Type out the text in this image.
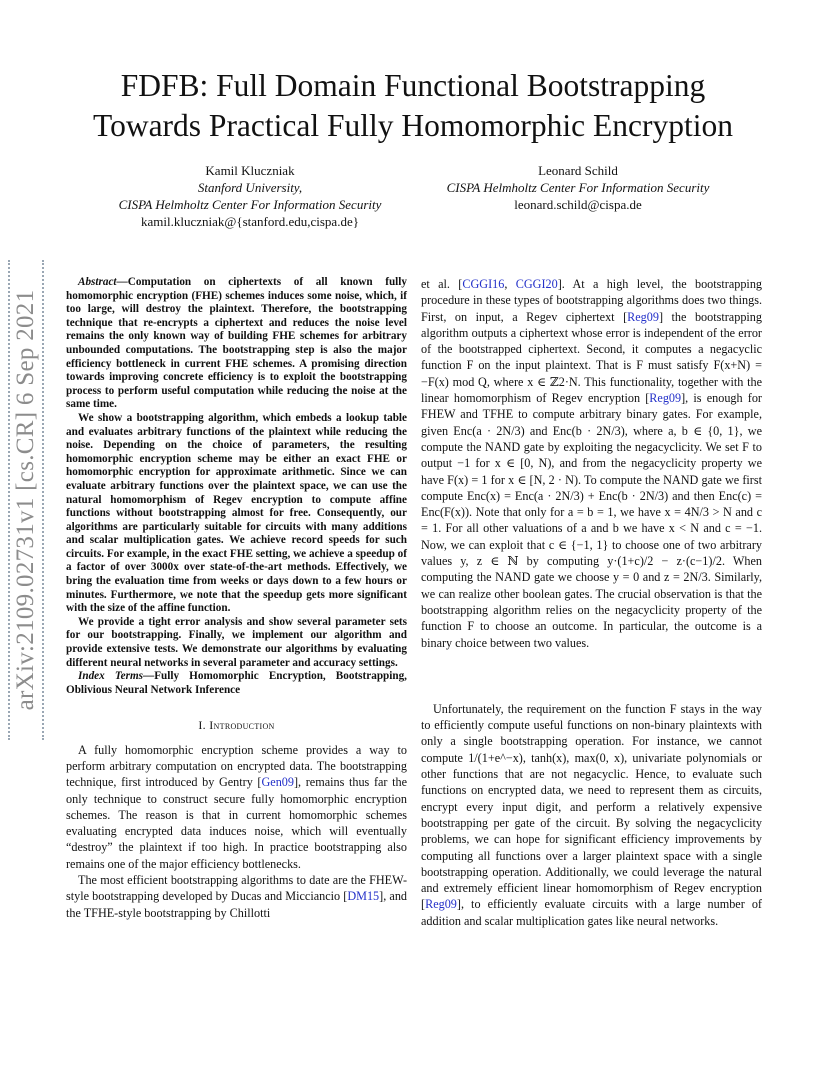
arXiv:2109.02731v1 [cs.CR] 6 Sep 2021
FDFB: Full Domain Functional Bootstrapping
Towards Practical Fully Homomorphic Encryption
Kamil Kluczniak
Stanford University,
CISPA Helmholtz Center For Information Security
kamil.kluczniak@{stanford.edu,cispa.de}
Leonard Schild
CISPA Helmholtz Center For Information Security
leonard.schild@cispa.de

Abstract—Computation on ciphertexts of all known fully homomorphic encryption (FHE) schemes induces some noise, which, if too large, will destroy the plaintext. Therefore, the bootstrapping technique that re-encrypts a ciphertext and reduces the noise level remains the only known way of building FHE schemes for arbitrary unbounded computations. The bootstrapping step is also the major efficiency bottleneck in current FHE schemes. A promising direction towards improving concrete efficiency is to exploit the bootstrapping process to perform useful computation while reducing the noise at the same time.

We show a bootstrapping algorithm, which embeds a lookup table and evaluates arbitrary functions of the plaintext while reducing the noise. Depending on the choice of parameters, the resulting homomorphic encryption scheme may be either an exact FHE or homomorphic encryption for approximate arithmetic. Since we can evaluate arbitrary functions over the plaintext space, we can use the natural homomorphism of Regev encryption to compute affine functions without bootstrapping almost for free. Consequently, our algorithms are particularly suitable for circuits with many additions and scalar multiplication gates. We achieve record speeds for such circuits. For example, in the exact FHE setting, we achieve a speedup of a factor of over 3000x over state-of-the-art methods. Effectively, we bring the evaluation time from weeks or days down to a few hours or minutes. Furthermore, we note that the speedup gets more significant with the size of the affine function.

We provide a tight error analysis and show several parameter sets for our bootstrapping. Finally, we implement our algorithm and provide extensive tests. We demonstrate our algorithms by evaluating different neural networks in several parameter and accuracy settings.

Index Terms—Fully Homomorphic Encryption, Bootstrapping, Oblivious Neural Network Inference

I. Introduction

A fully homomorphic encryption scheme provides a way to perform arbitrary computation on encrypted data. The bootstrapping technique, first introduced by Gentry [Gen09], remains thus far the only technique to construct secure fully homomorphic encryption schemes. The reason is that in current homomorphic schemes evaluating encrypted data induces noise, which will eventually “destroy” the plaintext if too high. In practice bootstrapping also remains one of the major efficiency bottlenecks.

The most efficient bootstrapping algorithms to date are the FHEW-style bootstrapping developed by Ducas and Micciancio [DM15], and the TFHE-style bootstrapping by Chillotti

et al. [CGGI16, CGGI20]. At a high level, the bootstrapping procedure in these types of bootstrapping algorithms does two things. First, on input, a Regev ciphertext [Reg09] the bootstrapping algorithm outputs a ciphertext whose error is independent of the error of the bootstrapped ciphertext. Second, it computes a negacyclic function F on the input plaintext. That is F must satisfy F(x+N) = −F(x) mod Q, where x ∈ ℤ2·N. This functionality, together with the linear homomorphism of Regev encryption [Reg09], is enough for FHEW and TFHE to compute arbitrary binary gates. For example, given Enc(a · 2N/3) and Enc(b · 2N/3), where a, b ∈ {0, 1}, we compute the NAND gate by exploiting the negacyclicity. We set F to output −1 for x ∈ [0, N), and from the negacyclicity property we have F(x) = 1 for x ∈ [N, 2 · N). To compute the NAND gate we first compute Enc(x) = Enc(a · 2N/3) + Enc(b · 2N/3) and then Enc(c) = Enc(F(x)). Note that only for a = b = 1, we have x = 4N/3 > N and c = 1. For all other valuations of a and b we have x < N and c = −1. Now, we can exploit that c ∈ {−1, 1} to choose one of two arbitrary values y, z ∈ ℕ by computing y·(1+c)/2 − z·(c−1)/2. When computing the NAND gate we choose y = 0 and z = 2N/3. Similarly, we can realize other boolean gates. The crucial observation is that the bootstrapping algorithm relies on the negacyclicity property of the function F to choose an outcome. In particular, the outcome is a binary choice between two values.

Unfortunately, the requirement on the function F stays in the way to efficiently compute useful functions on non-binary plaintexts with only a single bootstrapping operation. For instance, we cannot compute 1/(1+e^−x), tanh(x), max(0, x), univariate polynomials or other functions that are not negacyclic. Hence, to evaluate such functions on encrypted data, we need to represent them as circuits, encrypt every input digit, and perform a relatively expensive bootstrapping per gate of the circuit. By solving the negacyclicity problems, we can hope for significant efficiency improvements by computing all functions over a larger plaintext space with a single bootstrapping operation. Additionally, we could leverage the natural and extremely efficient linear homomorphism of Regev encryption [Reg09], to efficiently evaluate circuits with a large number of addition and scalar multiplication gates like neural networks.
